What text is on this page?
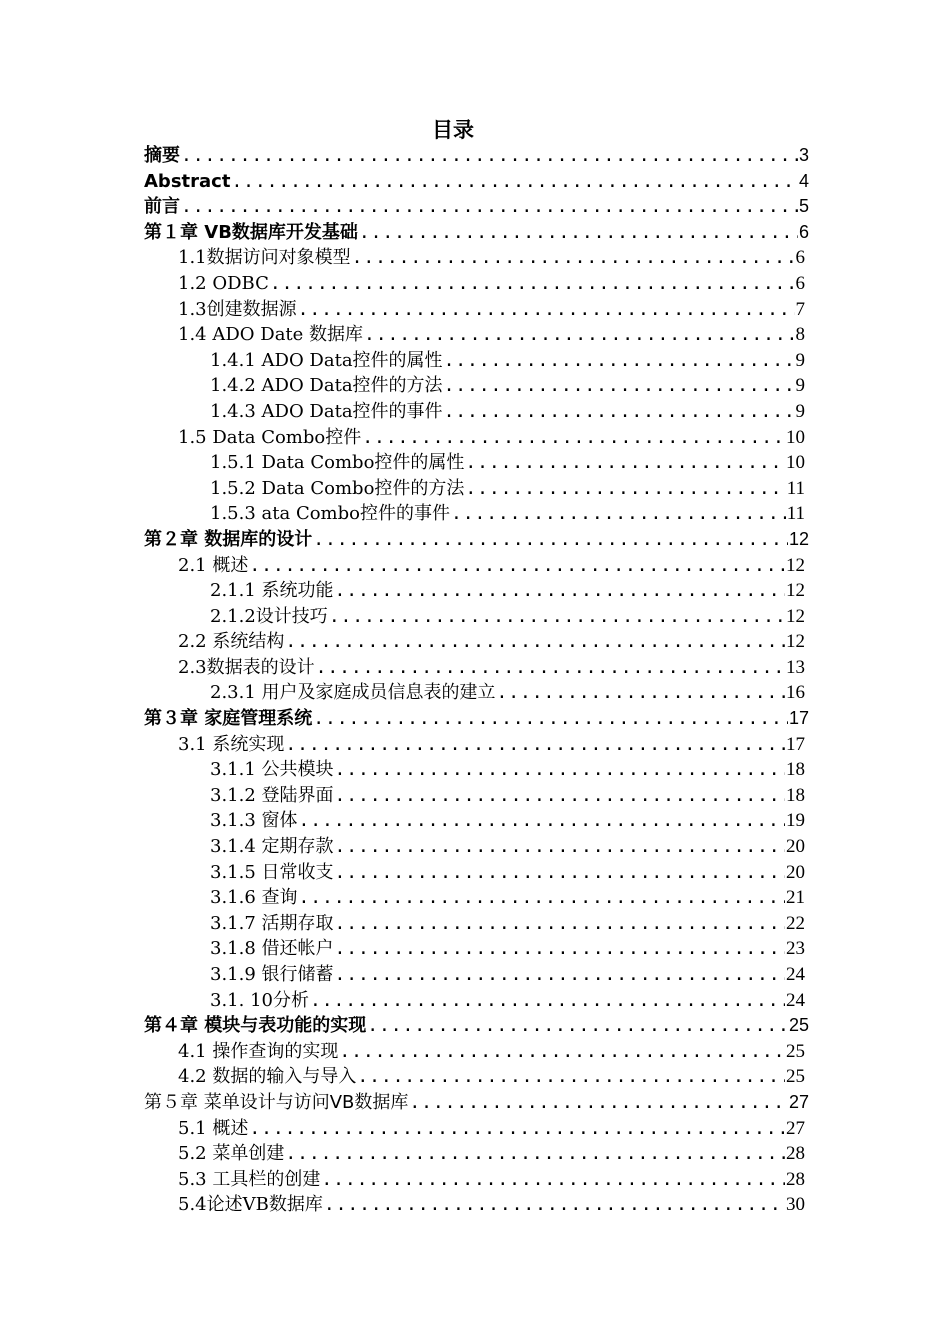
目录
摘要 .....	3
Abstract .....	4
前言 .....	5
第１章 VB数据库开发基础 .....	6
1.1数据访问对象模型 .....	6
1.2 ODBC .....	6
1.3创建数据源 .....	7
1.4 ADO Date 数据库 .....	8
1.4.1 ADO Data控件的属性 .....	9
1.4.2 ADO Data控件的方法 .....	9
1.4.3 ADO Data控件的事件 .....	9
1.5 Data Combo控件 .....	10
1.5.1 Data Combo控件的属性 .....	10
1.5.2 Data Combo控件的方法 .....	11
1.5.3 ata Combo控件的事件 .....	11
第２章 数据库的设计 .....	12
2.1 概述 .....	12
2.1.1 系统功能 .....	12
2.1.2设计技巧 .....	12
2.2 系统结构 .....	12
2.3数据表的设计 .....	13
2.3.1 用户及家庭成员信息表的建立 .....	16
第３章 家庭管理系统 .....	17
3.1 系统实现 .....	17
3.1.1 公共模块 .....	18
3.1.2 登陆界面 .....	18
3.1.3 窗体 .....	19
3.1.4 定期存款 .....	20
3.1.5 日常收支 .....	20
3.1.6 查询 .....	21
3.1.7 活期存取 .....	22
3.1.8 借还帐户 .....	23
3.1.9 银行储蓄 .....	24
3.1. 10分析 .....	24
第４章 模块与表功能的实现 .....	25
4.1 操作查询的实现 .....	25
4.2 数据的输入与导入 .....	25
第５章 菜单设计与访问VB数据库 .....	27
5.1 概述 .....	27
5.2 菜单创建 .....	28
5.3 工具栏的创建 .....	28
5.4论述VB数据库 .....	30
